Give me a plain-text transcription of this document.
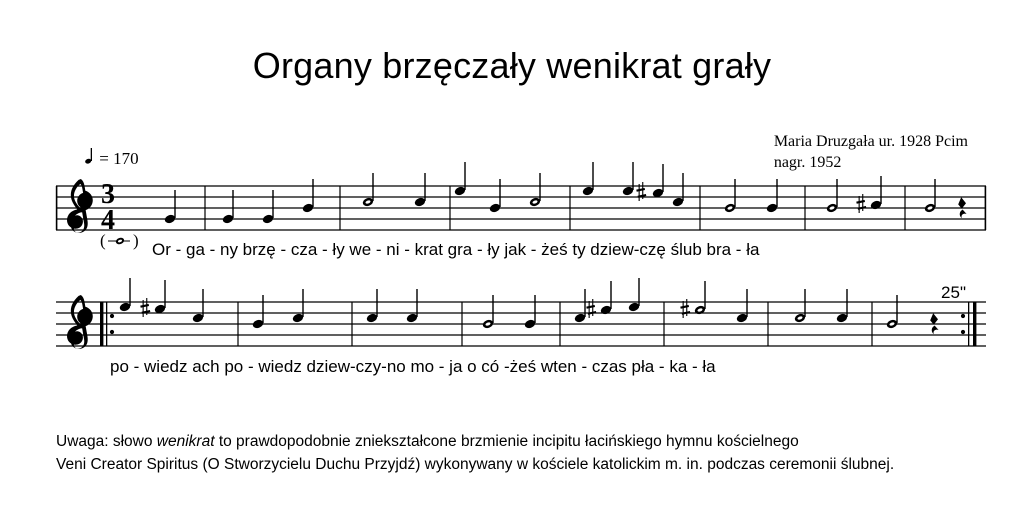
Organy brzęczały wenikrat grały
Maria Druzgała ur. 1928 Pcim
nagr. 1952
= 170
25"
3
4
( ) Or - ga - ny brzę - cza - ły we - ni - krat gra - ły jak - żeś ty dziew-czę ślub bra - ła
po - wiedz ach po - wiedz dziew-czy-no mo - ja o có -żeś wten - czas pła - ka - ła
Uwaga: słowo wenikrat to prawdopodobnie zniekształcone brzmienie incipitu łacińskiego hymnu kościelnego
Veni Creator Spiritus (O Stworzycielu Duchu Przyjdź) wykonywany w kościele katolickim m. in. podczas ceremonii ślubnej.
